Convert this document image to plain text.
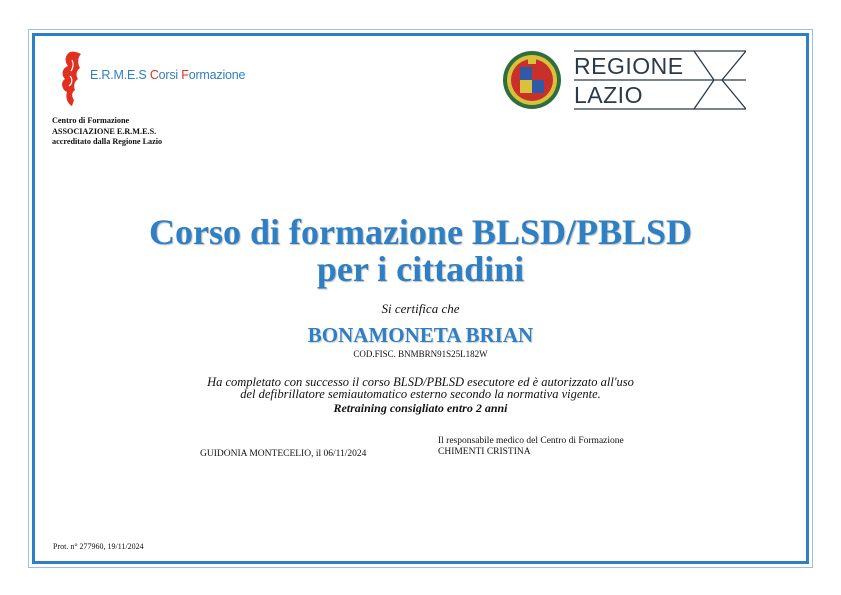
E.R.M.E.S Corsi Formazione
Centro di Formazione
ASSOCIAZIONE E.R.M.E.S.
accreditato dalla Regione Lazio
REGIONE
LAZIO
Corso di formazione BLSD/PBLSD
per i cittadini
Si certifica che
BONAMONETA BRIAN
COD.FISC. BNMBRN91S25L182W
Ha completato con successo il corso BLSD/PBLSD esecutore ed è autorizzato all'uso
del defibrillatore semiautomatico esterno secondo la normativa vigente.
Retraining consigliato entro 2 anni
Il responsabile medico del Centro di Formazione
CHIMENTI CRISTINA
GUIDONIA MONTECELIO, il 06/11/2024
Prot. n° 277960, 19/11/2024
